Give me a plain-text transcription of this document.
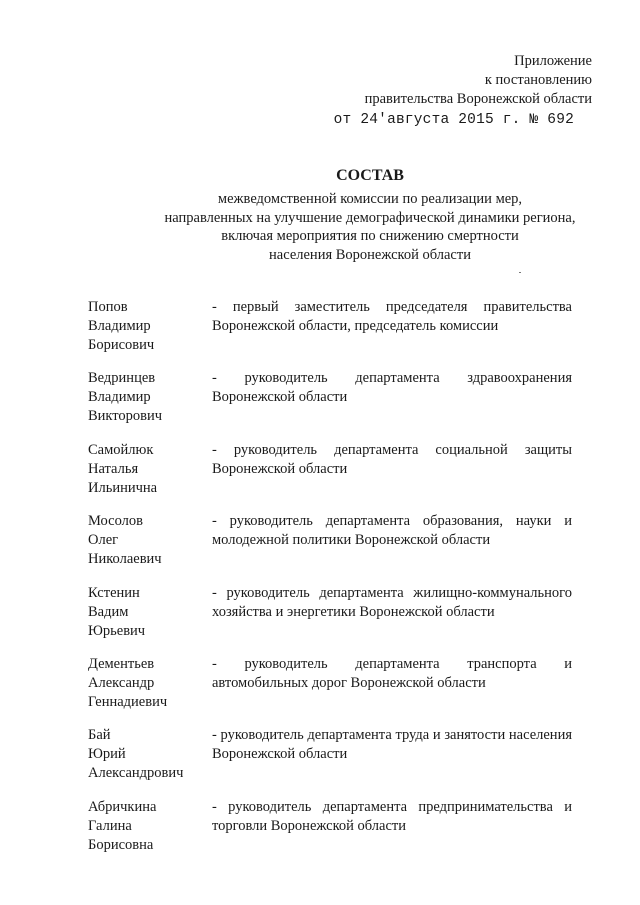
Приложение
к постановлению
правительства Воронежской области
от 24'августа 2015 г. № 692
СОСТАВ
межведомственной комиссии по реализации мер,
направленных на улучшение демографической динамики региона,
включая мероприятия по снижению смертности
населения Воронежской области
Попов
Владимир
Борисович
- первый заместитель председателя правительства Воронежской области, председатель комиссии
Ведринцев
Владимир
Викторович
- руководитель департамента здравоохранения Воронежской области
Самойлюк
Наталья
Ильинична
- руководитель департамента социальной защиты Воронежской области
Мосолов
Олег
Николаевич
- руководитель департамента образования, науки и молодежной политики Воронежской области
Кстенин
Вадим
Юрьевич
- руководитель департамента жилищно-коммунального хозяйства и энергетики Воронежской области
Дементьев
Александр
Геннадиевич
- руководитель департамента транспорта и автомобильных дорог Воронежской области
Бай
Юрий
Александрович
- руководитель департамента труда и занятости населения Воронежской области
Абричкина
Галина
Борисовна
- руководитель департамента предпринимательства и торговли Воронежской области
